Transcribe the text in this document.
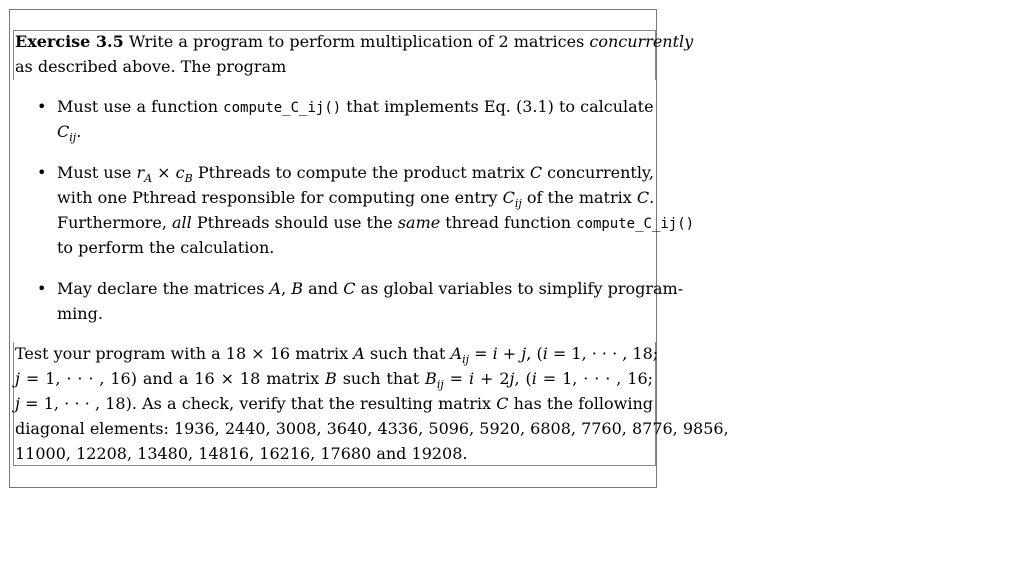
Exercise 3.5 Write a program to perform multiplication of 2 matrices concurrently
as described above. The program
• Must use a function compute_C_ij() that implements Eq. (3.1) to calculate
$C_{ij}$.
• Must use $r_A \times c_B$ Pthreads to compute the product matrix C concurrently,
with one Pthread responsible for computing one entry $C_{ij}$ of the matrix C.
Furthermore, all Pthreads should use the same thread function compute_C_ij()
to perform the calculation.
• May declare the matrices A, B and C as global variables to simplify program-
ming.
Test your program with a 18 × 16 matrix A such that $A_{ij} = i + j$, (i = 1, · · · , 18;
j = 1, · · · , 16) and a 16 × 18 matrix B such that $B_{ij} = i + 2j$, (i = 1, · · · , 16;
j = 1, · · · , 18). As a check, verify that the resulting matrix C has the following
diagonal elements: 1936, 2440, 3008, 3640, 4336, 5096, 5920, 6808, 7760, 8776, 9856,
11000, 12208, 13480, 14816, 16216, 17680 and 19208.
